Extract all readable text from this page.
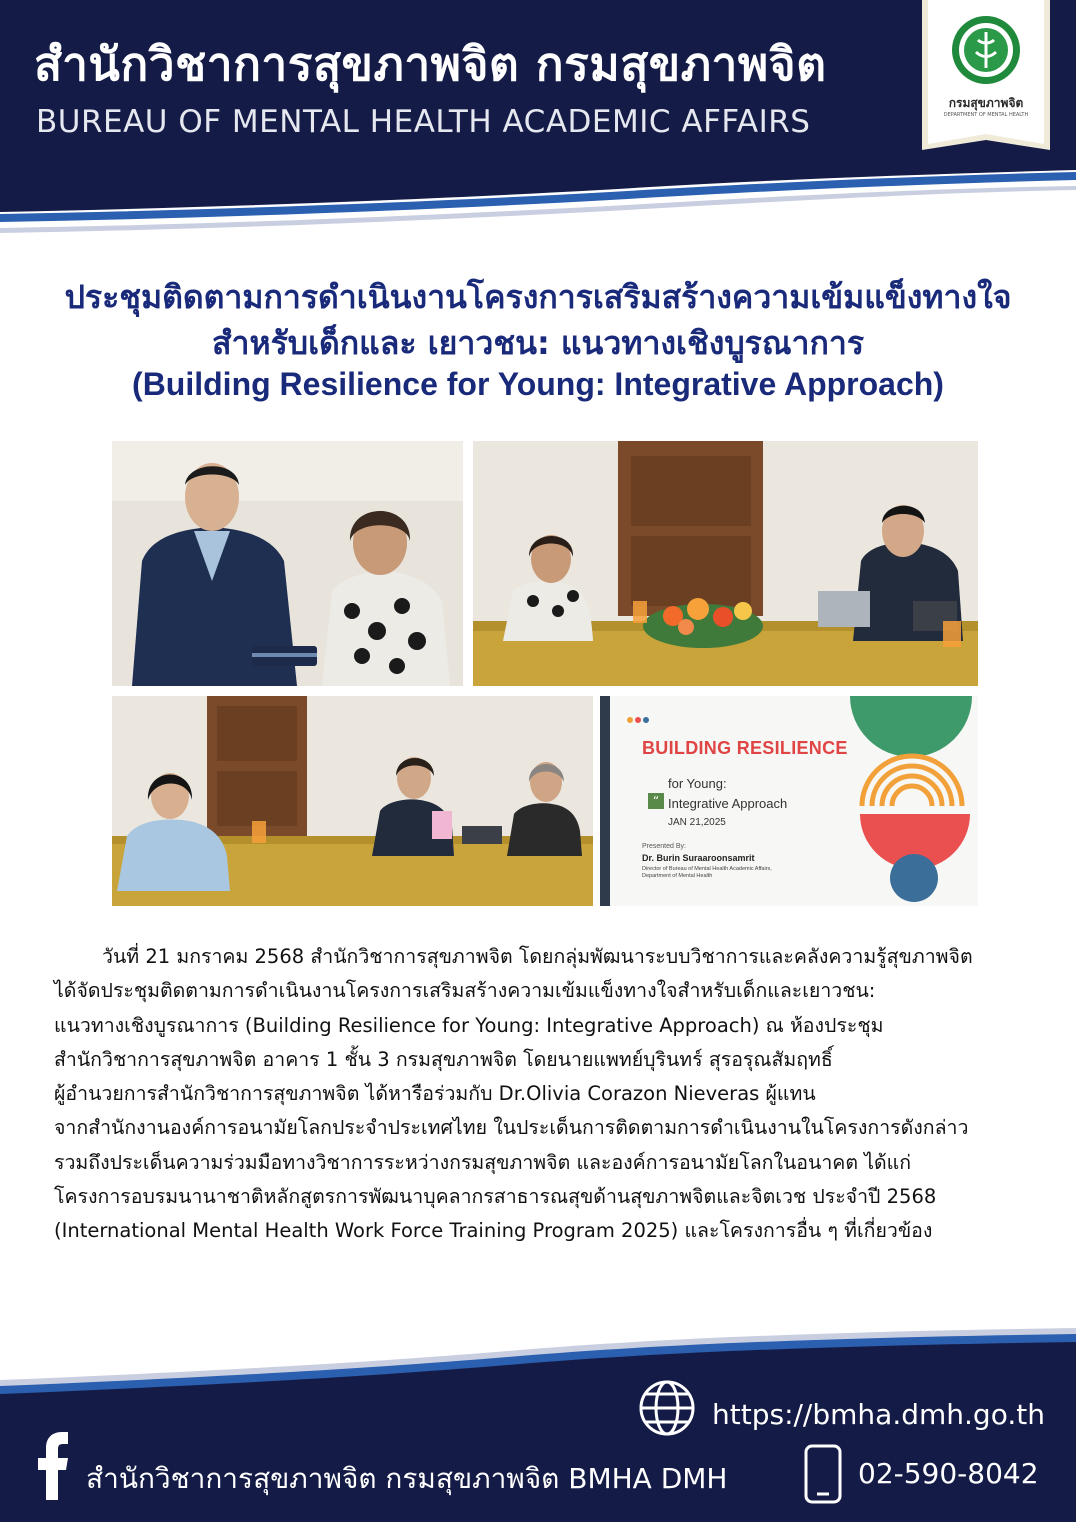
สำนักวิชาการสุขภาพจิต กรมสุขภาพจิต
BUREAU OF MENTAL HEALTH ACADEMIC AFFAIRS
กรมสุขภาพจิต
DEPARTMENT OF MENTAL HEALTH
ประชุมติดตามการดำเนินงานโครงการเสริมสร้างความเข้มแข็งทางใจ
สำหรับเด็กและ เยาวชน: แนวทางเชิงบูรณาการ
(Building Resilience for Young: Integrative Approach)
BUILDING RESILIENCE
for Young:
“ Integrative Approach
JAN 21,2025
Presented By:
Dr. Burin Suraaroonsamrit
Director of Bureau of Mental Health Academic Affairs,
Department of Mental Health
วันที่ 21 มกราคม 2568 สำนักวิชาการสุขภาพจิต โดยกลุ่มพัฒนาระบบวิชาการและคลังความรู้สุขภาพจิต
ได้จัดประชุมติดตามการดำเนินงานโครงการเสริมสร้างความเข้มแข็งทางใจสำหรับเด็กและเยาวชน:
แนวทางเชิงบูรณาการ (Building Resilience for Young: Integrative Approach) ณ ห้องประชุม
สำนักวิชาการสุขภาพจิต อาคาร 1 ชั้น 3 กรมสุขภาพจิต โดยนายแพทย์บุรินทร์ สุรอรุณสัมฤทธิ์
ผู้อำนวยการสำนักวิชาการสุขภาพจิต ได้หารือร่วมกับ Dr.Olivia Corazon Nieveras ผู้แทน
จากสำนักงานองค์การอนามัยโลกประจำประเทศไทย ในประเด็นการติดตามการดำเนินงานในโครงการดังกล่าว
รวมถึงประเด็นความร่วมมือทางวิชาการระหว่างกรมสุขภาพจิต และองค์การอนามัยโลกในอนาคต ได้แก่
โครงการอบรมนานาชาติหลักสูตรการพัฒนาบุคลากรสาธารณสุขด้านสุขภาพจิตและจิตเวช ประจำปี 2568
(International Mental Health Work Force Training Program 2025) และโครงการอื่น ๆ ที่เกี่ยวข้อง
https://bmha.dmh.go.th
สำนักวิชาการสุขภาพจิต กรมสุขภาพจิต BMHA DMH	02-590-8042
